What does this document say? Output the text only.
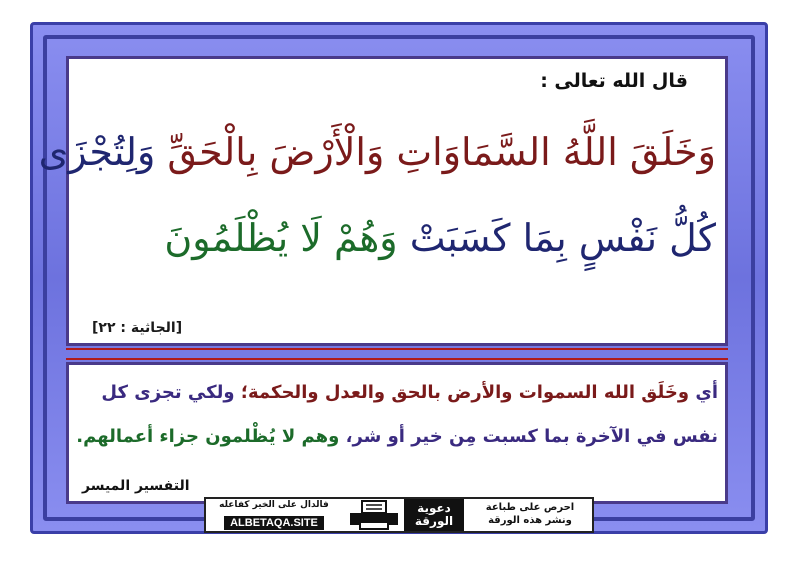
قال الله تعالى :
وَخَلَقَ اللَّهُ السَّمَاوَاتِ وَالْأَرْضَ بِالْحَقِّ وَلِتُجْزَى
كُلُّ نَفْسٍ بِمَا كَسَبَتْ وَهُمْ لَا يُظْلَمُونَ
[الجاثية : ٢٢]
أي وخَلَق الله السموات والأرض بالحق والعدل والحكمة؛ ولكي تجزى كل
نفس في الآخرة بما كسبت مِن خير أو شر، وهم لا يُظْلمون جزاء أعمالهم.
التفسير الميسر
فالدال على الخير كفاعله
ALBETAQA.SITE
دعوية
الورقة
احرص على طباعة
ونشر هذه الورقة
